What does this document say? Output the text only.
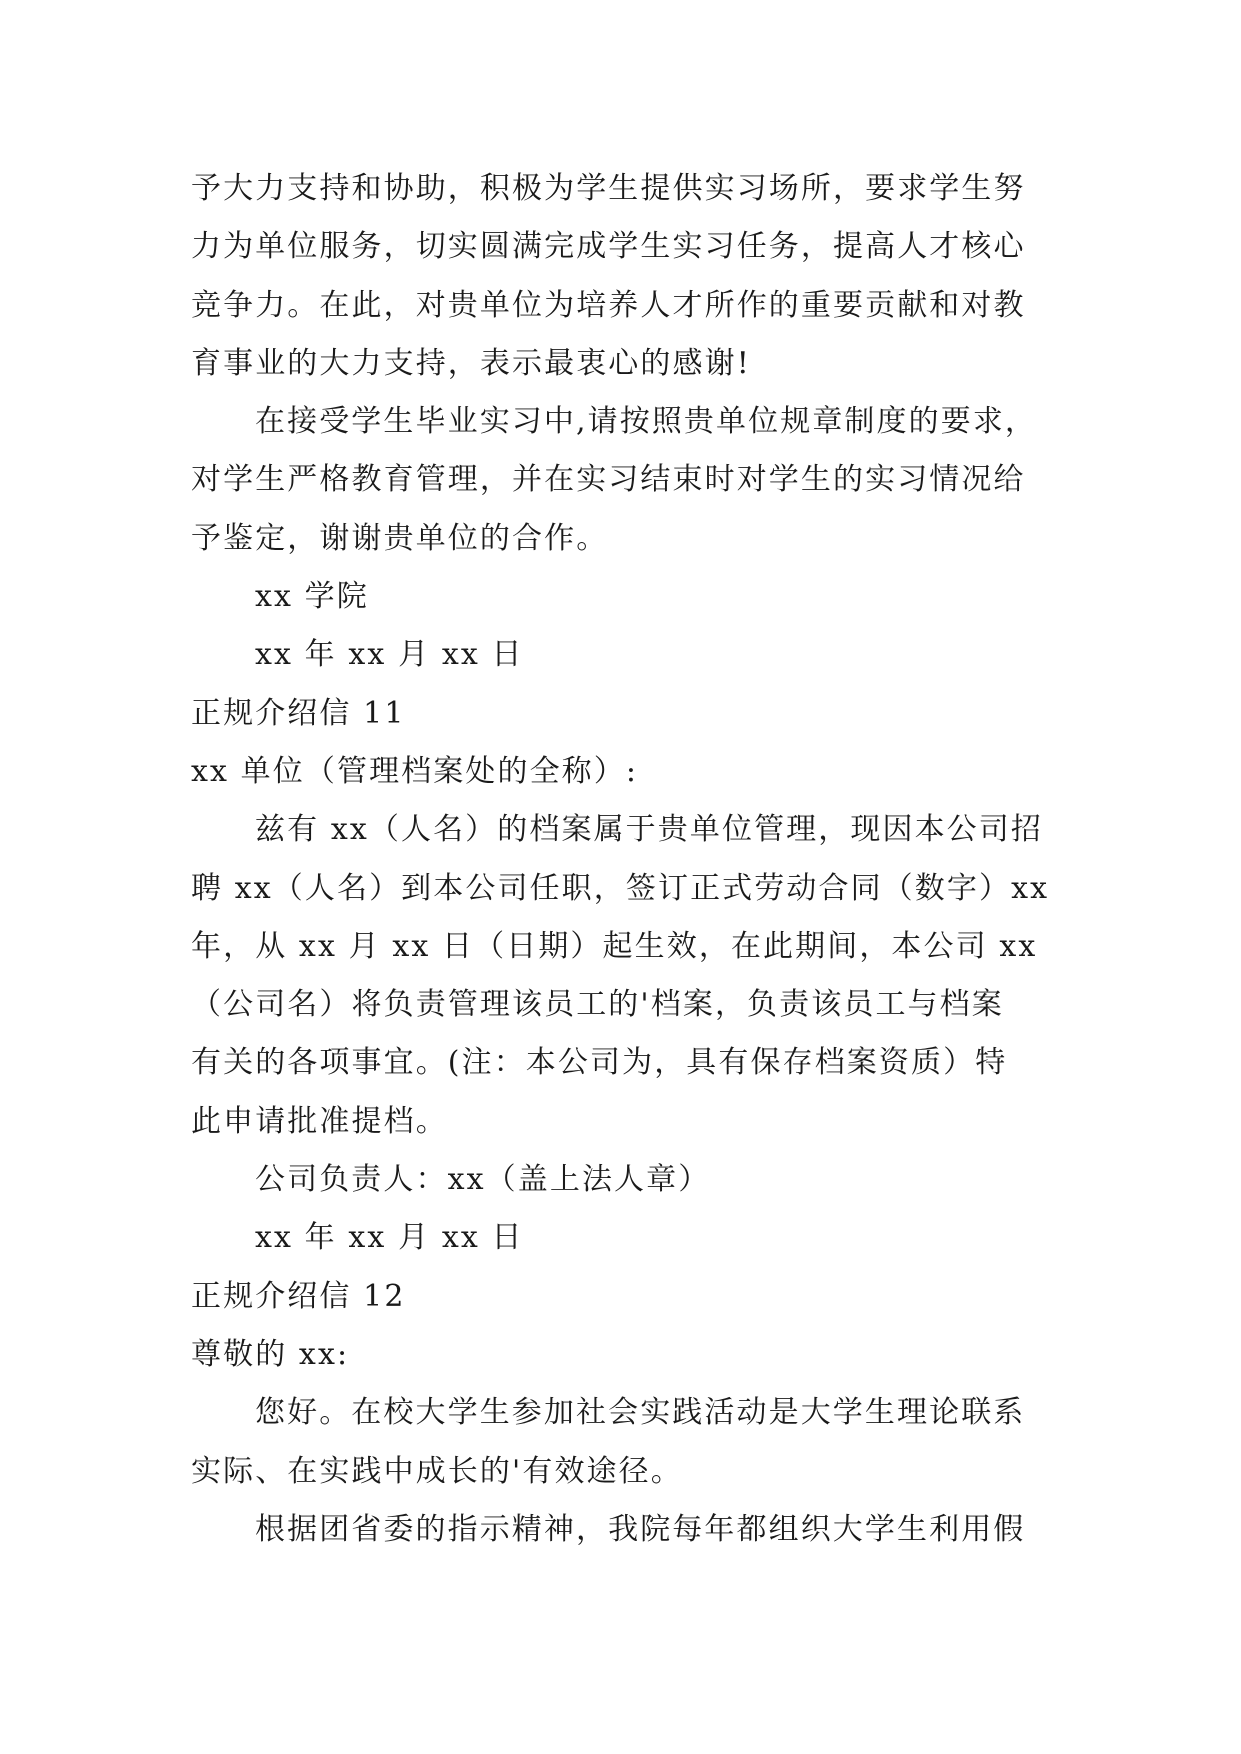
予大力支持和协助，积极为学生提供实习场所，要求学生努
力为单位服务，切实圆满完成学生实习任务，提高人才核心
竞争力。在此，对贵单位为培养人才所作的重要贡献和对教
育事业的大力支持，表示最衷心的感谢!
在接受学生毕业实习中,请按照贵单位规章制度的要求，
对学生严格教育管理，并在实习结束时对学生的实习情况给
予鉴定，谢谢贵单位的合作。
xx 学院
xx 年 xx 月 xx 日
正规介绍信 11
xx 单位（管理档案处的全称）:
兹有 xx（人名）的档案属于贵单位管理，现因本公司招
聘 xx（人名）到本公司任职，签订正式劳动合同（数字）xx
年，从 xx 月 xx 日（日期）起生效，在此期间，本公司 xx
（公司名）将负责管理该员工的'档案，负责该员工与档案
有关的各项事宜。(注：本公司为，具有保存档案资质）特
此申请批准提档。
公司负责人：xx（盖上法人章）
xx 年 xx 月 xx 日
正规介绍信 12
尊敬的 xx:
您好。在校大学生参加社会实践活动是大学生理论联系
实际、在实践中成长的'有效途径。
根据团省委的指示精神，我院每年都组织大学生利用假
